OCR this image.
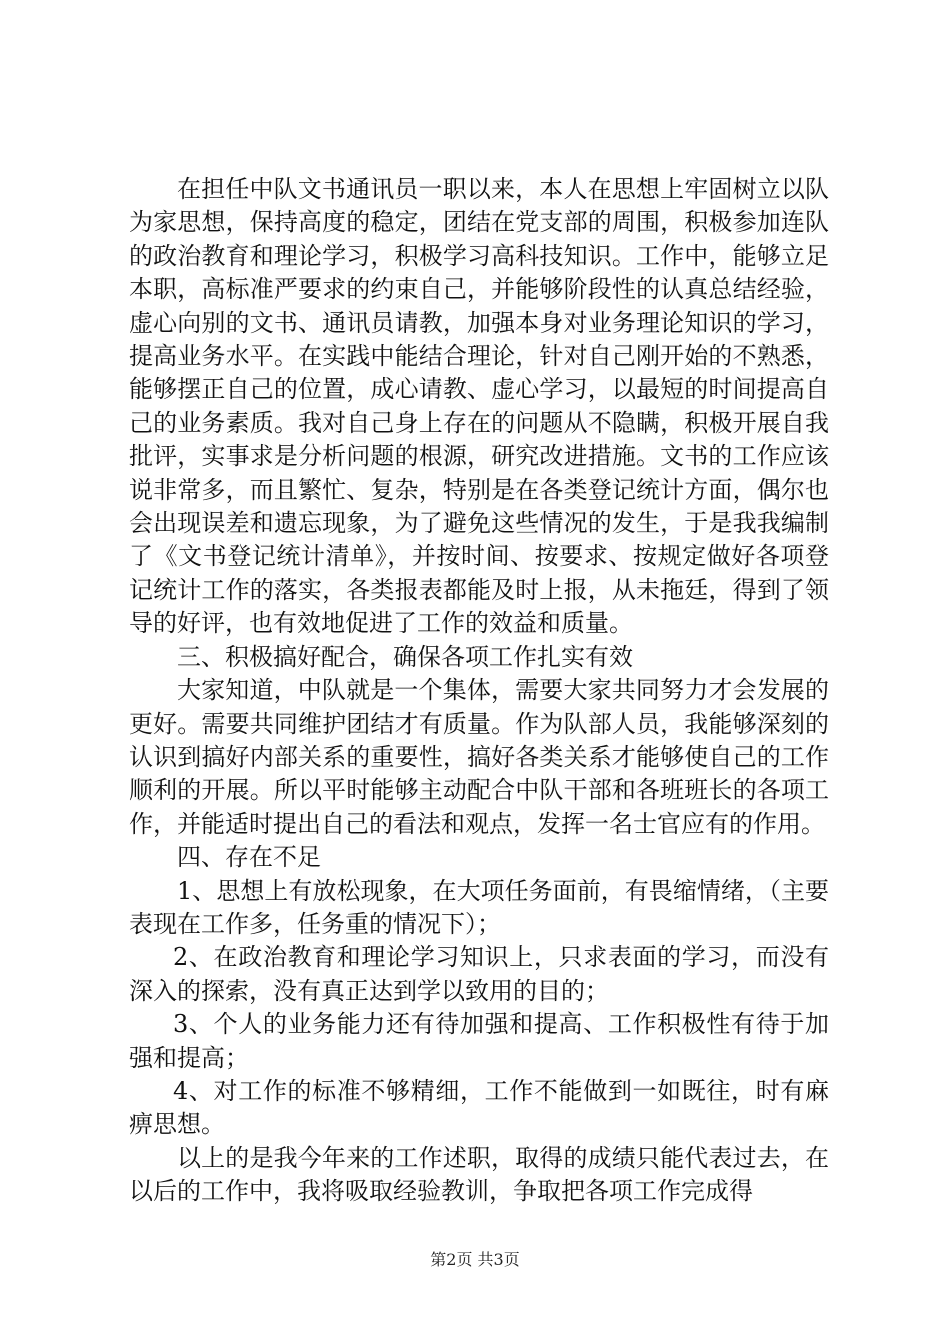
在担任中队文书通讯员一职以来，本人在思想上牢固树立以队为家思想，保持高度的稳定，团结在党支部的周围，积极参加连队的政治教育和理论学习，积极学习高科技知识。工作中，能够立足本职，高标准严要求的约束自己，并能够阶段性的认真总结经验，虚心向别的文书、通讯员请教，加强本身对业务理论知识的学习，提高业务水平。在实践中能结合理论，针对自己刚开始的不熟悉，能够摆正自己的位置，成心请教、虚心学习，以最短的时间提高自己的业务素质。我对自己身上存在的问题从不隐瞒，积极开展自我批评，实事求是分析问题的根源，研究改进措施。文书的工作应该说非常多，而且繁忙、复杂，特别是在各类登记统计方面，偶尔也会出现误差和遗忘现象，为了避免这些情况的发生，于是我我编制了《文书登记统计清单》，并按时间、按要求、按规定做好各项登记统计工作的落实，各类报表都能及时上报，从未拖廷，得到了领导的好评，也有效地促进了工作的效益和质量。

三、积极搞好配合，确保各项工作扎实有效

大家知道，中队就是一个集体，需要大家共同努力才会发展的更好。需要共同维护团结才有质量。作为队部人员，我能够深刻的认识到搞好内部关系的重要性，搞好各类关系才能够使自己的工作顺利的开展。所以平时能够主动配合中队干部和各班班长的各项工作，并能适时提出自己的看法和观点，发挥一名士官应有的作用。

四、存在不足

1、思想上有放松现象，在大项任务面前，有畏缩情绪，（主要表现在工作多，任务重的情况下）；

2、在政治教育和理论学习知识上，只求表面的学习，而没有深入的探索，没有真正达到学以致用的目的；

3、个人的业务能力还有待加强和提高、工作积极性有待于加强和提高；

4、对工作的标准不够精细，工作不能做到一如既往，时有麻痹思想。

以上的是我今年来的工作述职，取得的成绩只能代表过去，在以后的工作中，我将吸取经验教训，争取把各项工作完成得

第2页 共3页
